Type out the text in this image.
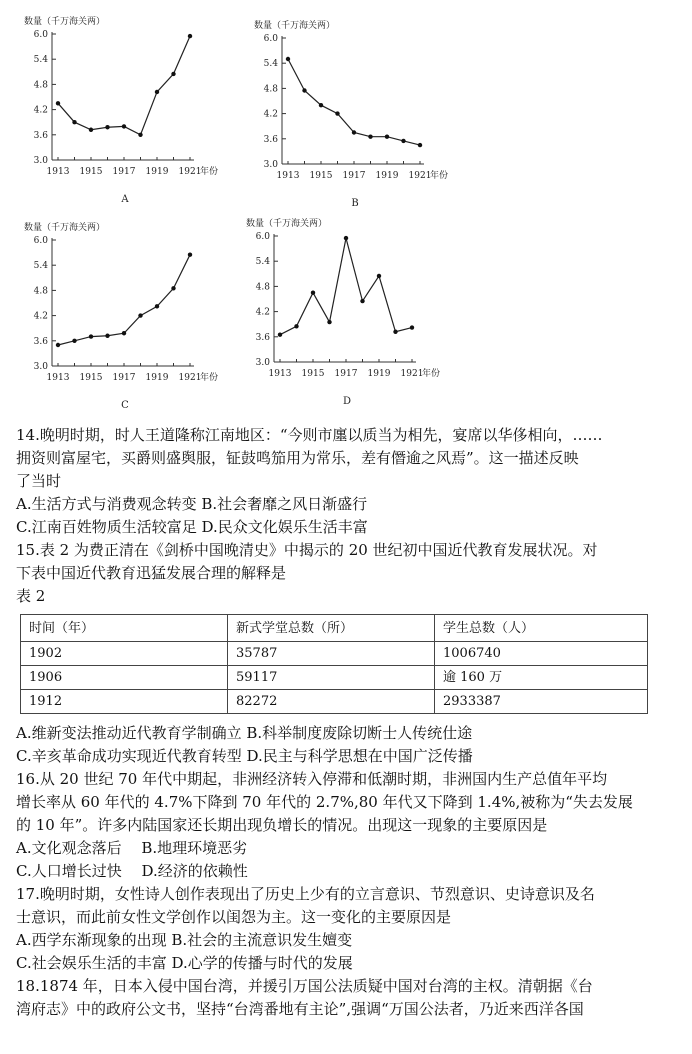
数量（千万海关两）
3.0
3.6
4.2
4.8
5.4
6.0
1913 1915 1917 1919 1921
年份
A
数量（千万海关两）
3.0
3.6
4.2
4.8
5.4
6.0
1913 1915 1917 1919 1921
年份
B
数量（千万海关两）
3.0
3.6
4.2
4.8
5.4
6.0
1913 1915 1917 1919 1921
年份
C
数量（千万海关两）
3.0
3.6
4.2
4.8
5.4
6.0
1913 1915 1917 1919 1921
年份
D

14.晚明时期，时人王道隆称江南地区：“今则市廛以质当为相先，宴席以华侈相向，……

拥资则富屋宅，买爵则盛舆服，钲鼓鸣笳用为常乐，差有僭逾之风焉”。这一描述反映

了当时

A.生活方式与消费观念转变 B.社会奢靡之风日渐盛行

C.江南百姓物质生活较富足 D.民众文化娱乐生活丰富

15.表 2 为费正清在《剑桥中国晚清史》中揭示的 20 世纪初中国近代教育发展状况。对

下表中国近代教育迅猛发展合理的解释是

表 2

时间（年）	新式学堂总数（所）	学生总数（人）
1902	35787	1006740
1906	59117	逾 160 万
1912	82272	2933387

A.维新变法推动近代教育学制确立 B.科举制度废除切断士人传统仕途

C.辛亥革命成功实现近代教育转型 D.民主与科学思想在中国广泛传播

16.从 20 世纪 70 年代中期起，非洲经济转入停滞和低潮时期，非洲国内生产总值年平均

增长率从 60 年代的 4.7%下降到 70 年代的 2.7%,80 年代又下降到 1.4%,被称为“失去发展

的 10 年”。许多内陆国家还长期出现负增长的情况。出现这一现象的主要原因是

A.文化观念落后　 B.地理环境恶劣

C.人口增长过快　 D.经济的依赖性

17.晚明时期，女性诗人创作表现出了历史上少有的立言意识、节烈意识、史诗意识及名

士意识，而此前女性文学创作以闺怨为主。这一变化的主要原因是

A.西学东渐现象的出现 B.社会的主流意识发生嬗变

C.社会娱乐生活的丰富 D.心学的传播与时代的发展

18.1874 年，日本入侵中国台湾，并援引万国公法质疑中国对台湾的主权。清朝据《台

湾府志》中的政府公文书，坚持“台湾番地有主论”,强调“万国公法者，乃近来西洋各国
